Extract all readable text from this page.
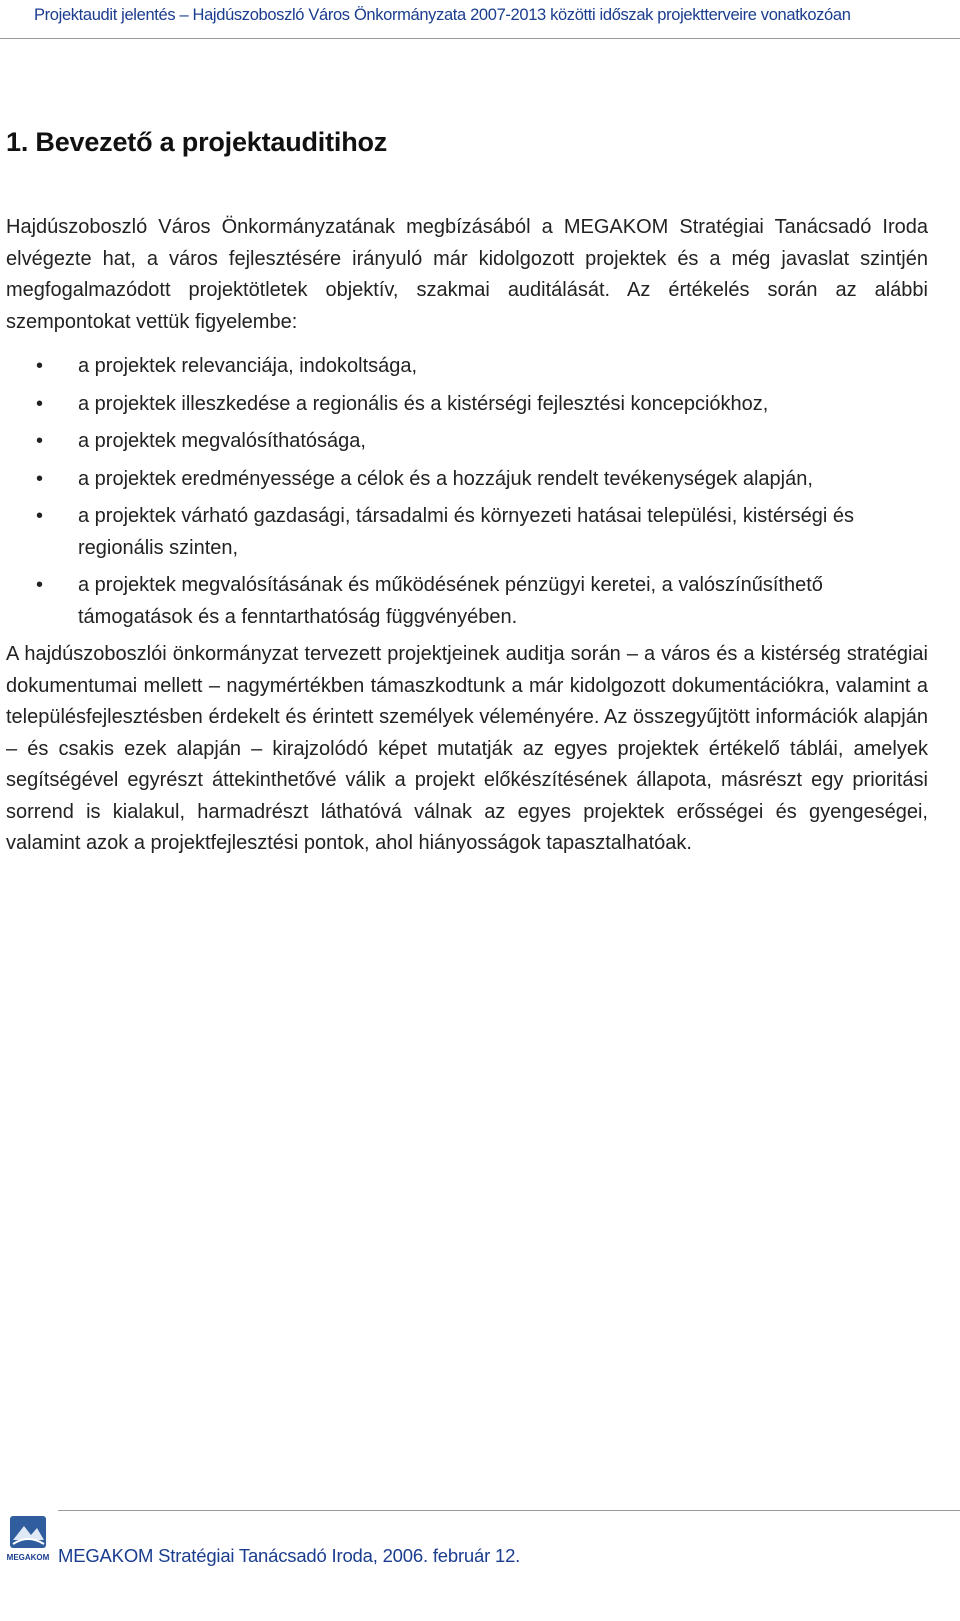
Projektaudit jelentés – Hajdúszoboszló Város Önkormányzata 2007-2013 közötti időszak projektterveire vonatkozóan
1. Bevezető a projektauditihoz

Hajdúszoboszló Város Önkormányzatának megbízásából a MEGAKOM Stratégiai Tanácsadó Iroda elvégezte hat, a város fejlesztésére irányuló már kidolgozott projektek és a még javaslat szintjén megfogalmazódott projektötletek objektív, szakmai auditálását. Az értékelés során az alábbi szempontokat vettük figyelembe:

• a projektek relevanciája, indokoltsága,
• a projektek illeszkedése a regionális és a kistérségi fejlesztési koncepciókhoz,
• a projektek megvalósíthatósága,
• a projektek eredményessége a célok és a hozzájuk rendelt tevékenységek alapján,
• a projektek várható gazdasági, társadalmi és környezeti hatásai települési, kistérségi és regionális szinten,
• a projektek megvalósításának és működésének pénzügyi keretei, a valószínűsíthető támogatások és a fenntarthatóság függvényében.

A hajdúszoboszlói önkormányzat tervezett projektjeinek auditja során – a város és a kistérség stratégiai dokumentumai mellett – nagymértékben támaszkodtunk a már kidolgozott dokumentációkra, valamint a településfejlesztésben érdekelt és érintett személyek véleményére. Az összegyűjtött információk alapján – és csakis ezek alapján – kirajzolódó képet mutatják az egyes projektek értékelő táblái, amelyek segítségével egyrészt áttekinthetővé válik a projekt előkészítésének állapota, másrészt egy prioritási sorrend is kialakul, harmadrészt láthatóvá válnak az egyes projektek erősségei és gyengeségei, valamint azok a projektfejlesztési pontok, ahol hiányosságok tapasztalhatóak.

MEGAKOM MEGAKOM Stratégiai Tanácsadó Iroda, 2006. február 12.
